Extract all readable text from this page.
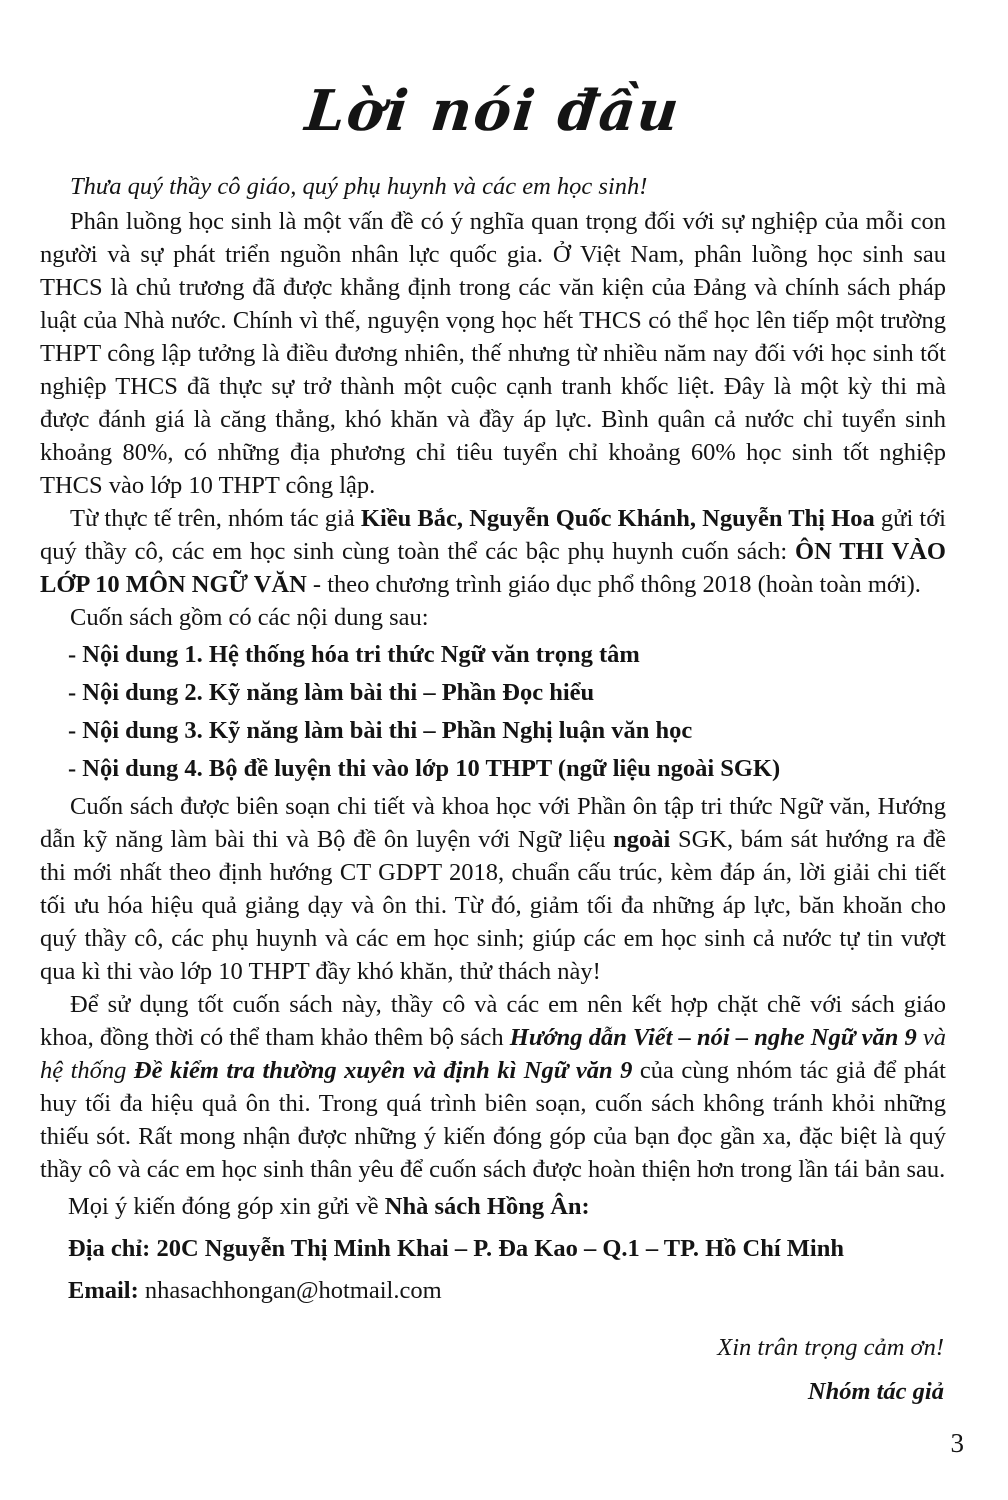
Lời nói đầu

Thưa quý thầy cô giáo, quý phụ huynh và các em học sinh!

Phân luồng học sinh là một vấn đề có ý nghĩa quan trọng đối với sự nghiệp của mỗi con người và sự phát triển nguồn nhân lực quốc gia. Ở Việt Nam, phân luồng học sinh sau THCS là chủ trương đã được khẳng định trong các văn kiện của Đảng và chính sách pháp luật của Nhà nước. Chính vì thế, nguyện vọng học hết THCS có thể học lên tiếp một trường THPT công lập tưởng là điều đương nhiên, thế nhưng từ nhiều năm nay đối với học sinh tốt nghiệp THCS đã thực sự trở thành một cuộc cạnh tranh khốc liệt. Đây là một kỳ thi mà được đánh giá là căng thẳng, khó khăn và đầy áp lực. Bình quân cả nước chỉ tuyển sinh khoảng 80%, có những địa phương chỉ tiêu tuyển chỉ khoảng 60% học sinh tốt nghiệp THCS vào lớp 10 THPT công lập.

Từ thực tế trên, nhóm tác giả Kiều Bắc, Nguyễn Quốc Khánh, Nguyễn Thị Hoa gửi tới quý thầy cô, các em học sinh cùng toàn thể các bậc phụ huynh cuốn sách: ÔN THI VÀO LỚP 10 MÔN NGỮ VĂN - theo chương trình giáo dục phổ thông 2018 (hoàn toàn mới).

Cuốn sách gồm có các nội dung sau:

- Nội dung 1. Hệ thống hóa tri thức Ngữ văn trọng tâm

- Nội dung 2. Kỹ năng làm bài thi – Phần Đọc hiểu

- Nội dung 3. Kỹ năng làm bài thi – Phần Nghị luận văn học

- Nội dung 4. Bộ đề luyện thi vào lớp 10 THPT (ngữ liệu ngoài SGK)

Cuốn sách được biên soạn chi tiết và khoa học với Phần ôn tập tri thức Ngữ văn, Hướng dẫn kỹ năng làm bài thi và Bộ đề ôn luyện với Ngữ liệu ngoài SGK, bám sát hướng ra đề thi mới nhất theo định hướng CT GDPT 2018, chuẩn cấu trúc, kèm đáp án, lời giải chi tiết tối ưu hóa hiệu quả giảng dạy và ôn thi. Từ đó, giảm tối đa những áp lực, băn khoăn cho quý thầy cô, các phụ huynh và các em học sinh; giúp các em học sinh cả nước tự tin vượt qua kì thi vào lớp 10 THPT đầy khó khăn, thử thách này!

Để sử dụng tốt cuốn sách này, thầy cô và các em nên kết hợp chặt chẽ với sách giáo khoa, đồng thời có thể tham khảo thêm bộ sách Hướng dẫn Viết – nói – nghe Ngữ văn 9 và hệ thống Đề kiểm tra thường xuyên và định kì Ngữ văn 9 của cùng nhóm tác giả để phát huy tối đa hiệu quả ôn thi. Trong quá trình biên soạn, cuốn sách không tránh khỏi những thiếu sót. Rất mong nhận được những ý kiến đóng góp của bạn đọc gần xa, đặc biệt là quý thầy cô và các em học sinh thân yêu để cuốn sách được hoàn thiện hơn trong lần tái bản sau.

Mọi ý kiến đóng góp xin gửi về Nhà sách Hồng Ân:

Địa chỉ: 20C Nguyễn Thị Minh Khai – P. Đa Kao – Q.1 – TP. Hồ Chí Minh

Email: nhasachhongan@hotmail.com

Xin trân trọng cảm ơn!

Nhóm tác giả

3
